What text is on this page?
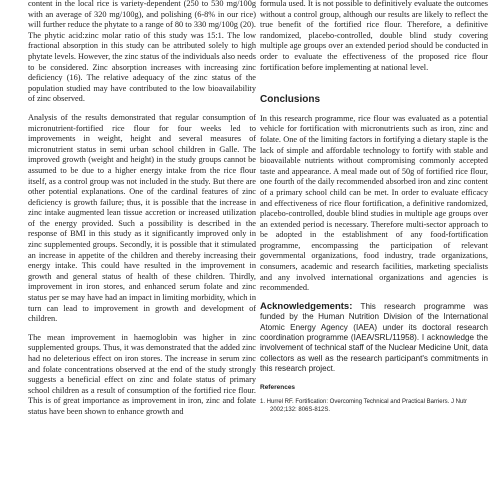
content in the local rice is variety-dependent (250 to 530 mg/100g with an average of 320 mg/100g), and polishing (6-8% in our rice) will further reduce the phytate to a range of 80 to 330 mg/100g (20). The phytic acid:zinc molar ratio of this study was 15:1. The low fractional absorption in this study can be attributed solely to high phytate levels. However, the zinc status of the individuals also needs to be considered. Zinc absorption increases with increasing zinc deficiency (16). The relative adequacy of the zinc status of the population studied may have contributed to the low bioavailability of zinc observed.

Analysis of the results demonstrated that regular consumption of micronutrient-fortified rice flour for four weeks led to improvements in weight, height and several measures of micronutrient status in semi urban school children in Galle. The improved growth (weight and height) in the study groups cannot be assumed to be due to a higher energy intake from the rice flour itself, as a control group was not included in the study. But there are other potential explanations. One of the cardinal features of zinc deficiency is growth failure; thus, it is possible that the increase in zinc intake augmented lean tissue accretion or increased utilization of the energy provided. Such a possibility is described in the response of BMI in this study as it significantly improved only in zinc supplemented groups. Secondly, it is possible that it stimulated an increase in appetite of the children and thereby increasing their energy intake. This could have resulted in the improvement in growth and general status of health of these children. Thirdly, improvement in iron stores, and enhanced serum folate and zinc status per se may have had an impact in limiting morbidity, which in turn can lead to improvement in growth and development of children.

The mean improvement in haemoglobin was higher in zinc supplemented groups. Thus, it was demonstrated that the added zinc had no deleterious effect on iron stores. The increase in serum zinc and folate concentrations observed at the end of the study strongly suggests a beneficial effect on zinc and folate status of primary school children as a result of consumption of the fortified rice flour. This is of great importance as improvement in iron, zinc and folate status have been shown to enhance growth and

formula used. It is not possible to definitively evaluate the outcomes without a control group, although our results are likely to reflect the true benefit of the fortified rice flour. Therefore, a definitive randomized, placebo-controlled, double blind study covering multiple age groups over an extended period should be conducted in order to evaluate the effectiveness of the proposed rice flour fortification before implementing at national level.

Conclusions

In this research programme, rice flour was evaluated as a potential vehicle for fortification with micronutrients such as iron, zinc and folate. One of the limiting factors in fortifying a dietary staple is the lack of simple and affordable technology to fortify with stable and bioavailable nutrients without compromising commonly accepted taste and appearance. A meal made out of 50g of fortified rice flour, one fourth of the daily recommended absorbed iron and zinc content of a primary school child can be met. In order to evaluate efficacy and effectiveness of rice flour fortification, a definitive randomized, placebo-controlled, double blind studies in multiple age groups over an extended period is necessary. Therefore multi-sector approach to be adopted in the establishment of any food-fortification programme, encompassing the participation of relevant governmental organizations, food industry, trade organizations, consumers, academic and research facilities, marketing specialists and any involved international organizations and agencies is recommended.

Acknowledgements: This research programme was funded by the Human Nutrition Division of the International Atomic Energy Agency (IAEA) under its doctoral research coordination programme (IAEA/SRL/11958). I acknowledge the involvement of technical staff of the Nuclear Medicine Unit, data collectors as well as the research participant's commitments in this research project.

References
1. Hurrel RF. Fortification: Overcoming Technical and Practical Barriers. J Nutr 2002;132: 806S-812S.
